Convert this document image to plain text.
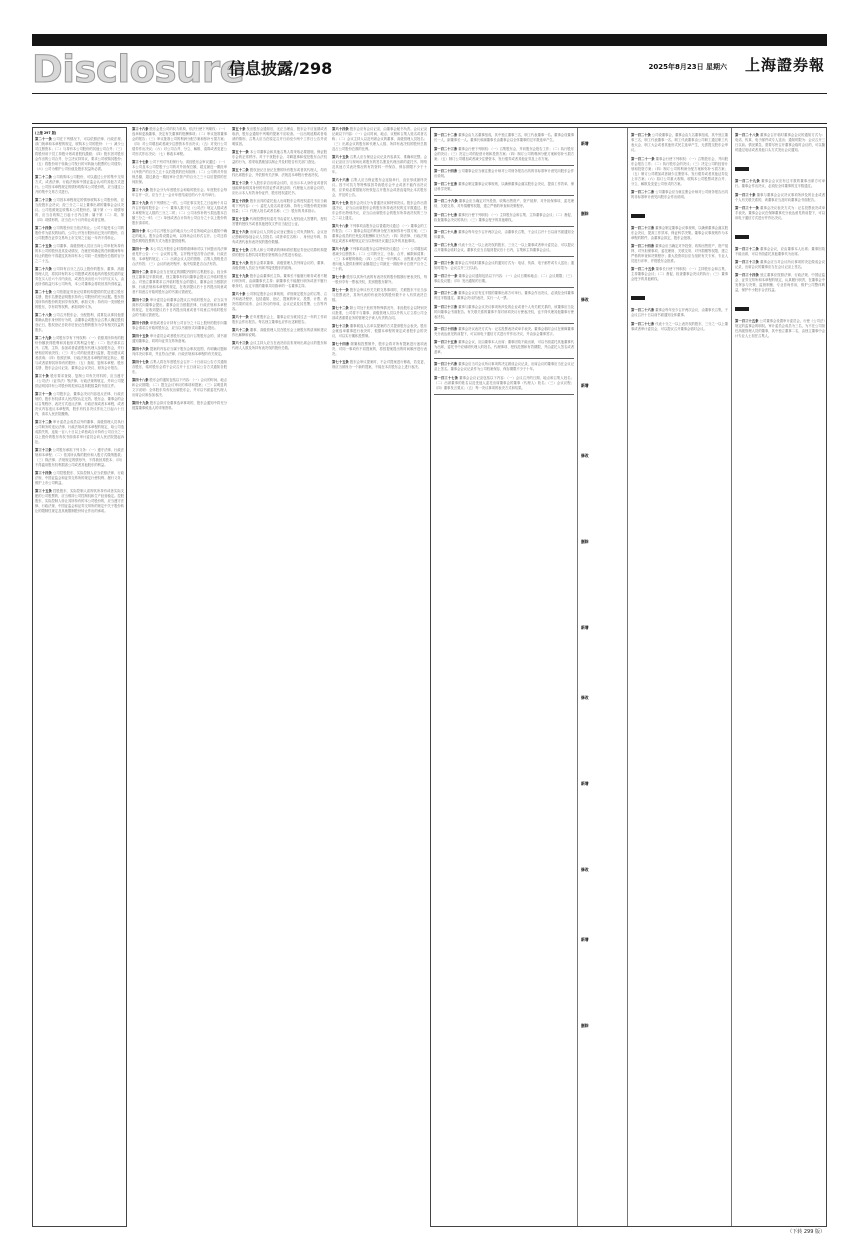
Disclosure
信息披露/298	2025年8月23日 星期六 上海證券報
(上接 297 版)

第二十一条 公司在下列情况下，可以依照法律、行政法规、部门规章和本章程的规定，收购本公司的股份：（一）减少公司注册资本；（二）与持有本公司股份的其他公司合并；（三）将股份用于员工持股计划或者股权激励；（四）股东因对股东会作出的公司合并、分立决议持异议，要求公司收购其股份；（五）将股份用于转换公司发行的可转换为股票的公司债券；（六）公司为维护公司价值及股东权益所必需。

第二十二条 公司收购本公司股份，可以通过公开的集中交易方式，或者法律、行政法规和中国证监会认可的其他方式进行。公司因本章程规定的情形收购本公司股份的，应当通过公开的集中交易方式进行。

第二十三条 公司因本章程规定的情形收购本公司股份的，应当经股东会决议；经三分之二以上董事出席的董事会会议决议。公司依照规定收购本公司股份后，属于第（一）项情形的，应当自收购之日起十日内注销；属于第（二）项、第（四）项情形的，应当在六个月内转让或者注销。

第二十四条 公司的股份应当依法转让。公司不接受本公司的股份作为质权的标的。公司公开发行股份前已发行的股份，自公司股票在证券交易所上市交易之日起一年内不得转让。

第二十五条 公司董事、高级管理人员应当向公司申报所持有的本公司的股份及其变动情况，在就任时确定的任职期间每年转让的股份不得超过其所持有本公司同一类别股份总数的百分之二十五。

第二十六条 公司持有百分之五以上股份的股东、董事、高级管理人员，将其持有的本公司股票或者其他具有股权性质的证券在买入后六个月内卖出，或者在卖出后六个月内又买入，由此所得收益归本公司所有，本公司董事会将收回其所得收益。

第二十七条 公司依据证券登记结算机构提供的凭证建立股东名册，股东名册是证明股东持有公司股份的充分证据。股东按其所持有股份的类别享有权利，承担义务；持有同一类别股份的股东，享有同等权利，承担同种义务。

第二十八条 公司召开股东会、分配股利、清算及从事其他需要确认股东身份的行为时，由董事会或股东会召集人确定股权登记日，股权登记日收市后登记在册的股东为享有相关权益的股东。

第二十九条 公司股东享有下列权利：（一）依照其所持有的股份份额获得股利和其他形式的利益分配；（二）依法请求召开、召集、主持、参加或者委派股东代理人参加股东会，并行使相应的表决权；（三）对公司的经营进行监督，提出建议或者质询；（四）依照法律、行政法规及本章程的规定转让、赠与或者质押其所持有的股份；（五）查阅、复制本章程、股东名册、股东会会议记录、董事会会议决议、财务会计报告。

第三十条 股东要求查阅、复制公司有关材料的，应当遵守《公司法》《证券法》等法律、行政法规的规定，并向公司提供证明其持有公司股份的类别以及持股数量的书面文件。

第三十一条 公司股东会、董事会决议内容违反法律、行政法规的，股东有权请求人民法院认定无效。股东会、董事会的会议召集程序、表决方式违反法律、行政法规或者本章程，或者决议内容违反本章程的，股东有权自决议作出之日起六十日内，请求人民法院撤销。

第三十二条 审计委员会成员以外的董事、高级管理人员执行公司职务时违反法律、行政法规或者本章程的规定，给公司造成损失的，连续一百八十日以上单独或合计持有公司百分之一以上股份的股东有权书面请求审计委员会向人民法院提起诉讼。

第三十三条 公司股东承担下列义务：（一）遵守法律、行政法规和本章程；（二）依其所认购的股份和入股方式缴纳股款；（三）除法律、法规规定的情形外，不得抽回其股本；（四）不得滥用股东权利损害公司或者其他股东的利益。

第三十四条 公司控股股东、实际控制人应当依照法律、行政法规、中国证监会和证券交易所的规定行使权利、履行义务，维护上市公司利益。

第三十五条 控股股东、实际控制人质押其所持有或者实际支配的公司股票的，应当维持公司控制权和生产经营稳定。控股股东、实际控制人转让其所持有的本公司股份的，应当遵守法律、行政法规、中国证监会和证券交易所的规定中关于股份转让的限制性规定及其就限制股份转让作出的承诺。

第三十六条 股东会是公司的权力机构，依法行使下列职权：（一）选举和更换董事，决定有关董事的报酬事项；（二）审议批准董事会的报告；（三）审议批准公司的利润分配方案和弥补亏损方案；（四）对公司增加或者减少注册资本作出决议；（五）对发行公司债券作出决议；（六）对公司合并、分立、解散、清算或者变更公司形式作出决议；（七）修改本章程。

第三十七条 公司下列对外担保行为，须经股东会审议通过：（一）本公司及本公司控股子公司的对外担保总额，超过最近一期经审计净资产的百分之五十以后提供的任何担保；（二）公司的对外担保总额，超过最近一期经审计总资产的百分之三十以后提供的任何担保。

第三十八条 股东会分为年度股东会和临时股东会。年度股东会每年召开一次，应当于上一会计年度结束后的六个月内举行。

第三十九条 有下列情形之一的，公司在事实发生之日起两个月以内召开临时股东会：（一）董事人数不足《公司法》规定人数或者本章程所定人数的三分之二时；（二）公司未弥补的亏损达股本总额三分之一时；（三）单独或者合计持有公司百分之十以上股份的股东请求时。

第四十条 本公司召开股东会的地点为公司住所地或会议通知中确定的地点。股东会将设置会场，以现场会议形式召开。公司还将提供网络投票的方式为股东提供便利。

第四十一条 本公司召开股东会时将聘请律师对以下问题出具法律意见并公告：（一）会议的召集、召开程序是否符合法律、行政法规、本章程的规定；（二）出席会议人员的资格、召集人资格是否合法有效；（三）会议的表决程序、表决结果是否合法有效。

第四十二条 董事会应当在规定的期限内按时召集股东会。经全体独立董事过半数同意，独立董事有权向董事会提议召开临时股东会。对独立董事要求召开临时股东会的提议，董事会应当根据法律、行政法规和本章程的规定，在收到提议后十日内提出同意或者不同意召开临时股东会的书面反馈意见。

第四十三条 审计委员会向董事会提议召开临时股东会，应当以书面形式向董事会提出。董事会应当根据法律、行政法规和本章程的规定，在收到提议后十日内提出同意或者不同意召开临时股东会的书面反馈意见。

第四十四条 单独或者合计持有公司百分之十以上股份的股东向董事会请求召开临时股东会，应当以书面形式向董事会提出。

第四十五条 审计委员会或者股东决定自行召集股东会的，须书面通知董事会，同时向证券交易所备案。

第四十六条 提案的内容应当属于股东会职权范围，有明确议题和具体决议事项，并且符合法律、行政法规和本章程的有关规定。

第四十七条 召集人将在年度股东会召开二十日前以公告方式通知各股东，临时股东会将于会议召开十五日前以公告方式通知各股东。

第四十八条 股东会的通知包括以下内容：（一）会议的时间、地点和会议期限；（二）提交会议审议的事项和提案；（三）以明显的文字说明：全体股东均有权出席股东会，并可以书面委托代理人出席会议和参加表决。

第四十九条 股东会拟讨论董事选举事项的，股东会通知中将充分披露董事候选人的详细资料。

第五十条 发出股东会通知后，无正当理由，股东会不应延期或者取消，股东会通知中列明的提案不应取消。一旦出现延期或者取消的情形，召集人应当在原定召开日前至少两个工作日公告并说明原因。

第五十一条 本公司董事会和其他召集人将采取必要措施，保证股东会的正常秩序。对于干扰股东会、寻衅滋事和侵犯股东合法权益的行为，将采取措施加以制止并及时报告有关部门查处。

第五十二条 股权登记日登记在册的所有股东或者其代理人，均有权出席股东会，并依照有关法律、法规及本章程行使表决权。

第五十三条 个人股东亲自出席会议的，应出示本人身份证或者其他能够表明其身份的有效证件或者证明；代理他人出席会议的，应出示本人有效身份证件、股东授权委托书。

第五十四条 股东出具的委托他人出席股东会的授权委托书应当载明下列内容：（一）委托人姓名或者名称、持有公司股份的类别和数量；（二）代理人姓名或者名称；（三）股东的具体指示。

第五十五条 代理投票授权委托书由委托人授权他人签署的，授权签署的授权书或者其他授权文件应当经过公证。

第五十六条 出席会议人员的会议登记册由公司负责制作。会议登记册载明参加会议人员姓名（或者单位名称）、身份证号码、持有或者代表有表决权的股份数额。

第五十七条 召集人和公司聘请的律师将依据证券登记结算机构提供的股东名册共同对股东资格的合法性进行验证。

第五十八条 股东会要求董事、高级管理人员列席会议的，董事、高级管理人员应当列席并接受股东的质询。

第五十九条 股东会由董事长主持。董事长不能履行职务或者不履行职务时，由副董事长主持；副董事长不能履行职务或者不履行职务时，由过半数的董事共同推举的一名董事主持。

第六十条 公司制定股东会议事规则，详细规定股东会的召集、召开和表决程序，包括通知、登记、提案的审议、投票、计票、表决结果的宣布、会议决议的形成、会议记录及其签署、公告等内容。

第六十一条 在年度股东会上，董事会应当就其过去一年的工作向股东会作出报告。每名独立董事也应作出述职报告。

第六十二条 董事、高级管理人员在股东会上就股东的质询和建议作出解释和说明。

第六十三条 会议主持人应当在表决前宣布现场出席会议的股东和代理人人数及所持有表决权的股份总数。

第六十四条 股东会应有会议记录，由董事会秘书负责。会议记录记载以下内容：（一）会议时间、地点、议程和召集人姓名或者名称；（二）会议主持人以及列席会议的董事、高级管理人员姓名；（三）出席会议的股东和代理人人数、所持有表决权的股份总数及占公司股份总数的比例。

第六十五条 召集人应当保证会议记录内容真实、准确和完整。会议记录应当与现场出席股东的签名册及代理出席的委托书、网络及其他方式表决情况的有效资料一并保存，保存期限不少于十年。

第六十六条 召集人应当保证股东会连续举行，直至形成最终决议。因不可抗力等特殊原因导致股东会中止或者不能作出决议的，应采取必要措施尽快恢复召开股东会或者直接终止本次股东会，并及时公告。

第六十七条 股东会决议分为普通决议和特别决议。股东会作出普通决议，应当由出席股东会的股东所持表决权的过半数通过。股东会作出特别决议，应当由出席股东会的股东所持表决权的三分之二以上通过。

第六十八条 下列事项由股东会以普通决议通过：（一）董事会的工作报告；（二）董事会拟定的利润分配方案和弥补亏损方案；（三）董事会成员的任免及其报酬和支付方法；（四）除法律、行政法规规定或者本章程规定应当以特别决议通过以外的其他事项。

第六十九条 下列事项由股东会以特别决议通过：（一）公司增加或者减少注册资本；（二）公司的分立、分拆、合并、解散和清算；（三）本章程的修改；（四）公司在一年内购买、出售重大资产或者向他人提供担保的金额超过公司最近一期经审计总资产百分之三十的。

第七十条 股东以其所代表的有表决权的股份数额行使表决权，每一股份享有一票表决权，类别股股东除外。

第七十一条 股东会审议有关关联交易事项时，关联股东不应当参与投票表决，其所代表的有表决权的股份数不计入有效表决总数。

第七十二条 除公司处于危机等特殊情况外，非经股东会以特别决议批准，公司将不与董事、高级管理人员以外的人订立将公司全部或者重要业务的管理交予该人负责的合同。

第七十三条 董事候选人名单以提案的方式提请股东会表决。股东会就选举董事进行表决时，根据本章程的规定或者股东会的决议，可以实行累积投票制。

第七十四条 除累积投票制外，股东会将对所有提案进行逐项表决，对同一事项有不同提案的，将按提案提出的时间顺序进行表决。

第七十五条 股东会审议提案时，不会对提案进行修改，若变更，则应当被视为一个新的提案，不能在本次股东会上进行表决。

第一百二十二条 董事会由九名董事组成，其中独立董事三名，职工代表董事一名。董事会设董事长一人，副董事长一人。董事长和副董事长由董事会以全体董事的过半数选举产生。

第一百二十三条 董事会行使下列职权：（一）召集股东会，并向股东会报告工作；（二）执行股东会的决议；（三）决定公司的经营计划和投资方案；（四）制订公司的利润分配方案和弥补亏损方案；（五）制订公司增加或者减少注册资本、发行债券或者其他证券及上市方案。

第一百二十四条 公司董事会应当就注册会计师对公司财务报告出具的非标准审计意见向股东会作出说明。

第一百二十五条 董事会制定董事会议事规则，以确保董事会落实股东会决议，提高工作效率，保证科学决策。

第一百二十六条 董事会应当确定对外投资、收购出售资产、资产抵押、对外担保事项、委托理财、关联交易、对外捐赠等权限，建立严格的审查和决策程序。

第一百二十七条 董事长行使下列职权：（一）主持股东会和召集、主持董事会会议；（二）督促、检查董事会决议的执行；（三）董事会授予的其他职权。

第一百二十八条 董事会每年至少召开两次会议，由董事长召集，于会议召开十日以前书面通知全体董事。

第一百二十九条 代表十分之一以上表决权的股东、三分之一以上董事或者审计委员会，可以提议召开董事会临时会议。董事长应当自接到提议后十日内，召集和主持董事会会议。

第一百三十条 董事会召开临时董事会会议的通知方式为：电话、传真、电子邮件或专人送出；通知时限为：会议召开三日以前。

第一百三十一条 董事会会议通知包括以下内容：（一）会议日期和地点；（二）会议期限；（三）事由及议题；（四）发出通知的日期。

第一百三十二条 董事会会议应有过半数的董事出席方可举行。董事会作出决议，必须经全体董事的过半数通过。董事会决议的表决，实行一人一票。

第一百三十三条 董事与董事会会议决议事项所涉及的企业或者个人有关联关系的，该董事应当及时向董事会书面报告。有关联关系的董事不得对该项决议行使表决权，也不得代理其他董事行使表决权。

第一百三十四条 董事会决议表决方式为：记名投票表决或举手表决。董事会临时会议在保障董事充分表达意见的前提下，可以用电子通信方式进行并作出决议，并由参会董事签字。

第一百三十五条 董事会会议，应由董事本人出席；董事因故不能出席，可以书面委托其他董事代为出席，委托书中应载明代理人的姓名，代理事项、授权范围和有效期限，并由委托人签名或者盖章。

第一百三十六条 董事会应当对会议所议事项的决定做成会议记录，出席会议的董事应当在会议记录上签名。董事会会议记录作为公司档案保存，保存期限不少于十年。

第一百三十七条 董事会会议记录包括以下内容：（一）会议召开的日期、地点和召集人姓名；（二）出席董事的姓名以及受他人委托出席董事会的董事（代理人）姓名；（三）会议议程；（四）董事发言要点；（五）每一决议事项的表决方式和结果。

新增
删除
修改
新增
修改
删除
新增
修改
新增
修改
新增
删除

第一百二十条 公司设董事会，董事会由九名董事组成，其中独立董事三名，职工代表董事一名。职工代表董事由公司职工通过职工代表大会、职工大会或者其他形式民主选举产生，无需提交股东会审议。

第一百二十一条 董事会行使下列职权：（一）召集股东会，并向股东会报告工作；（二）执行股东会的决议；（三）决定公司的经营计划和投资方案；（四）制订公司的利润分配方案和弥补亏损方案；（五）制订公司增加或者减少注册资本、发行债券或者其他证券及上市方案；（六）拟订公司重大收购、收购本公司股票或者合并、分立、解散及变更公司形式的方案。

第一百二十二条 公司董事会应当就注册会计师对公司财务报告出具的非标准审计意见向股东会作出说明。

第一百二十三条 董事会制定董事会议事规则，以确保董事会落实股东会决议，提高工作效率，保证科学决策。董事会议事规则作为本章程的附件，由董事会拟定，股东会批准。

第一百二十四条 董事会应当确定对外投资、收购出售资产、资产抵押、对外担保事项、委托理财、关联交易、对外捐赠等权限，建立严格的审查和决策程序；重大投资项目应当组织有关专家、专业人员进行评审，并报股东会批准。

第一百二十五条 董事长行使下列职权：（一）主持股东会和召集、主持董事会会议；（二）督促、检查董事会决议的执行；（三）董事会授予的其他职权。

第一百二十六条 董事会每年至少召开两次会议，由董事长召集，于会议召开十日以前书面通知全体董事。

第一百二十七条 代表十分之一以上表决权的股东、三分之一以上董事或者审计委员会，可以提议召开董事会临时会议。

第一百二十八条 董事会召开临时董事会会议的通知方式为：电话、传真、电子邮件或专人送出；通知时限为：会议召开三日以前。情况紧急，需要尽快召开董事会临时会议的，可以随时通过电话或者其他口头方式发出会议通知。

第一百二十九条 董事会会议应有过半数的董事出席方可举行。董事会作出决议，必须经全体董事的过半数通过。

第一百三十条 董事与董事会会议决议事项所涉及的企业或者个人有关联关系的，该董事应当及时向董事会书面报告。

第一百三十一条 董事会决议表决方式为：记名投票表决或举手表决。董事会会议在保障董事充分表达意见的前提下，可以用电子通信方式进行并作出决议。

第一百三十二条 董事会会议，应由董事本人出席；董事因故不能出席，可以书面委托其他董事代为出席。

第一百三十三条 董事会应当对会议所议事项的决定做成会议记录，出席会议的董事应当在会议记录上签名。

第一百三十四条 独立董事应按照法律、行政法规、中国证监会、证券交易所和本章程的规定，认真履行职责，在董事会中发挥参与决策、监督制衡、专业咨询作用，维护公司整体利益，保护中小股东合法权益。

第一百三十五条 公司董事会设置审计委员会，行使《公司法》规定的监事会的职权。审计委员会成员为三名，为不在公司担任高级管理人员的董事，其中独立董事二名，由独立董事中会计专业人士担任召集人。

（下转 299 版）
